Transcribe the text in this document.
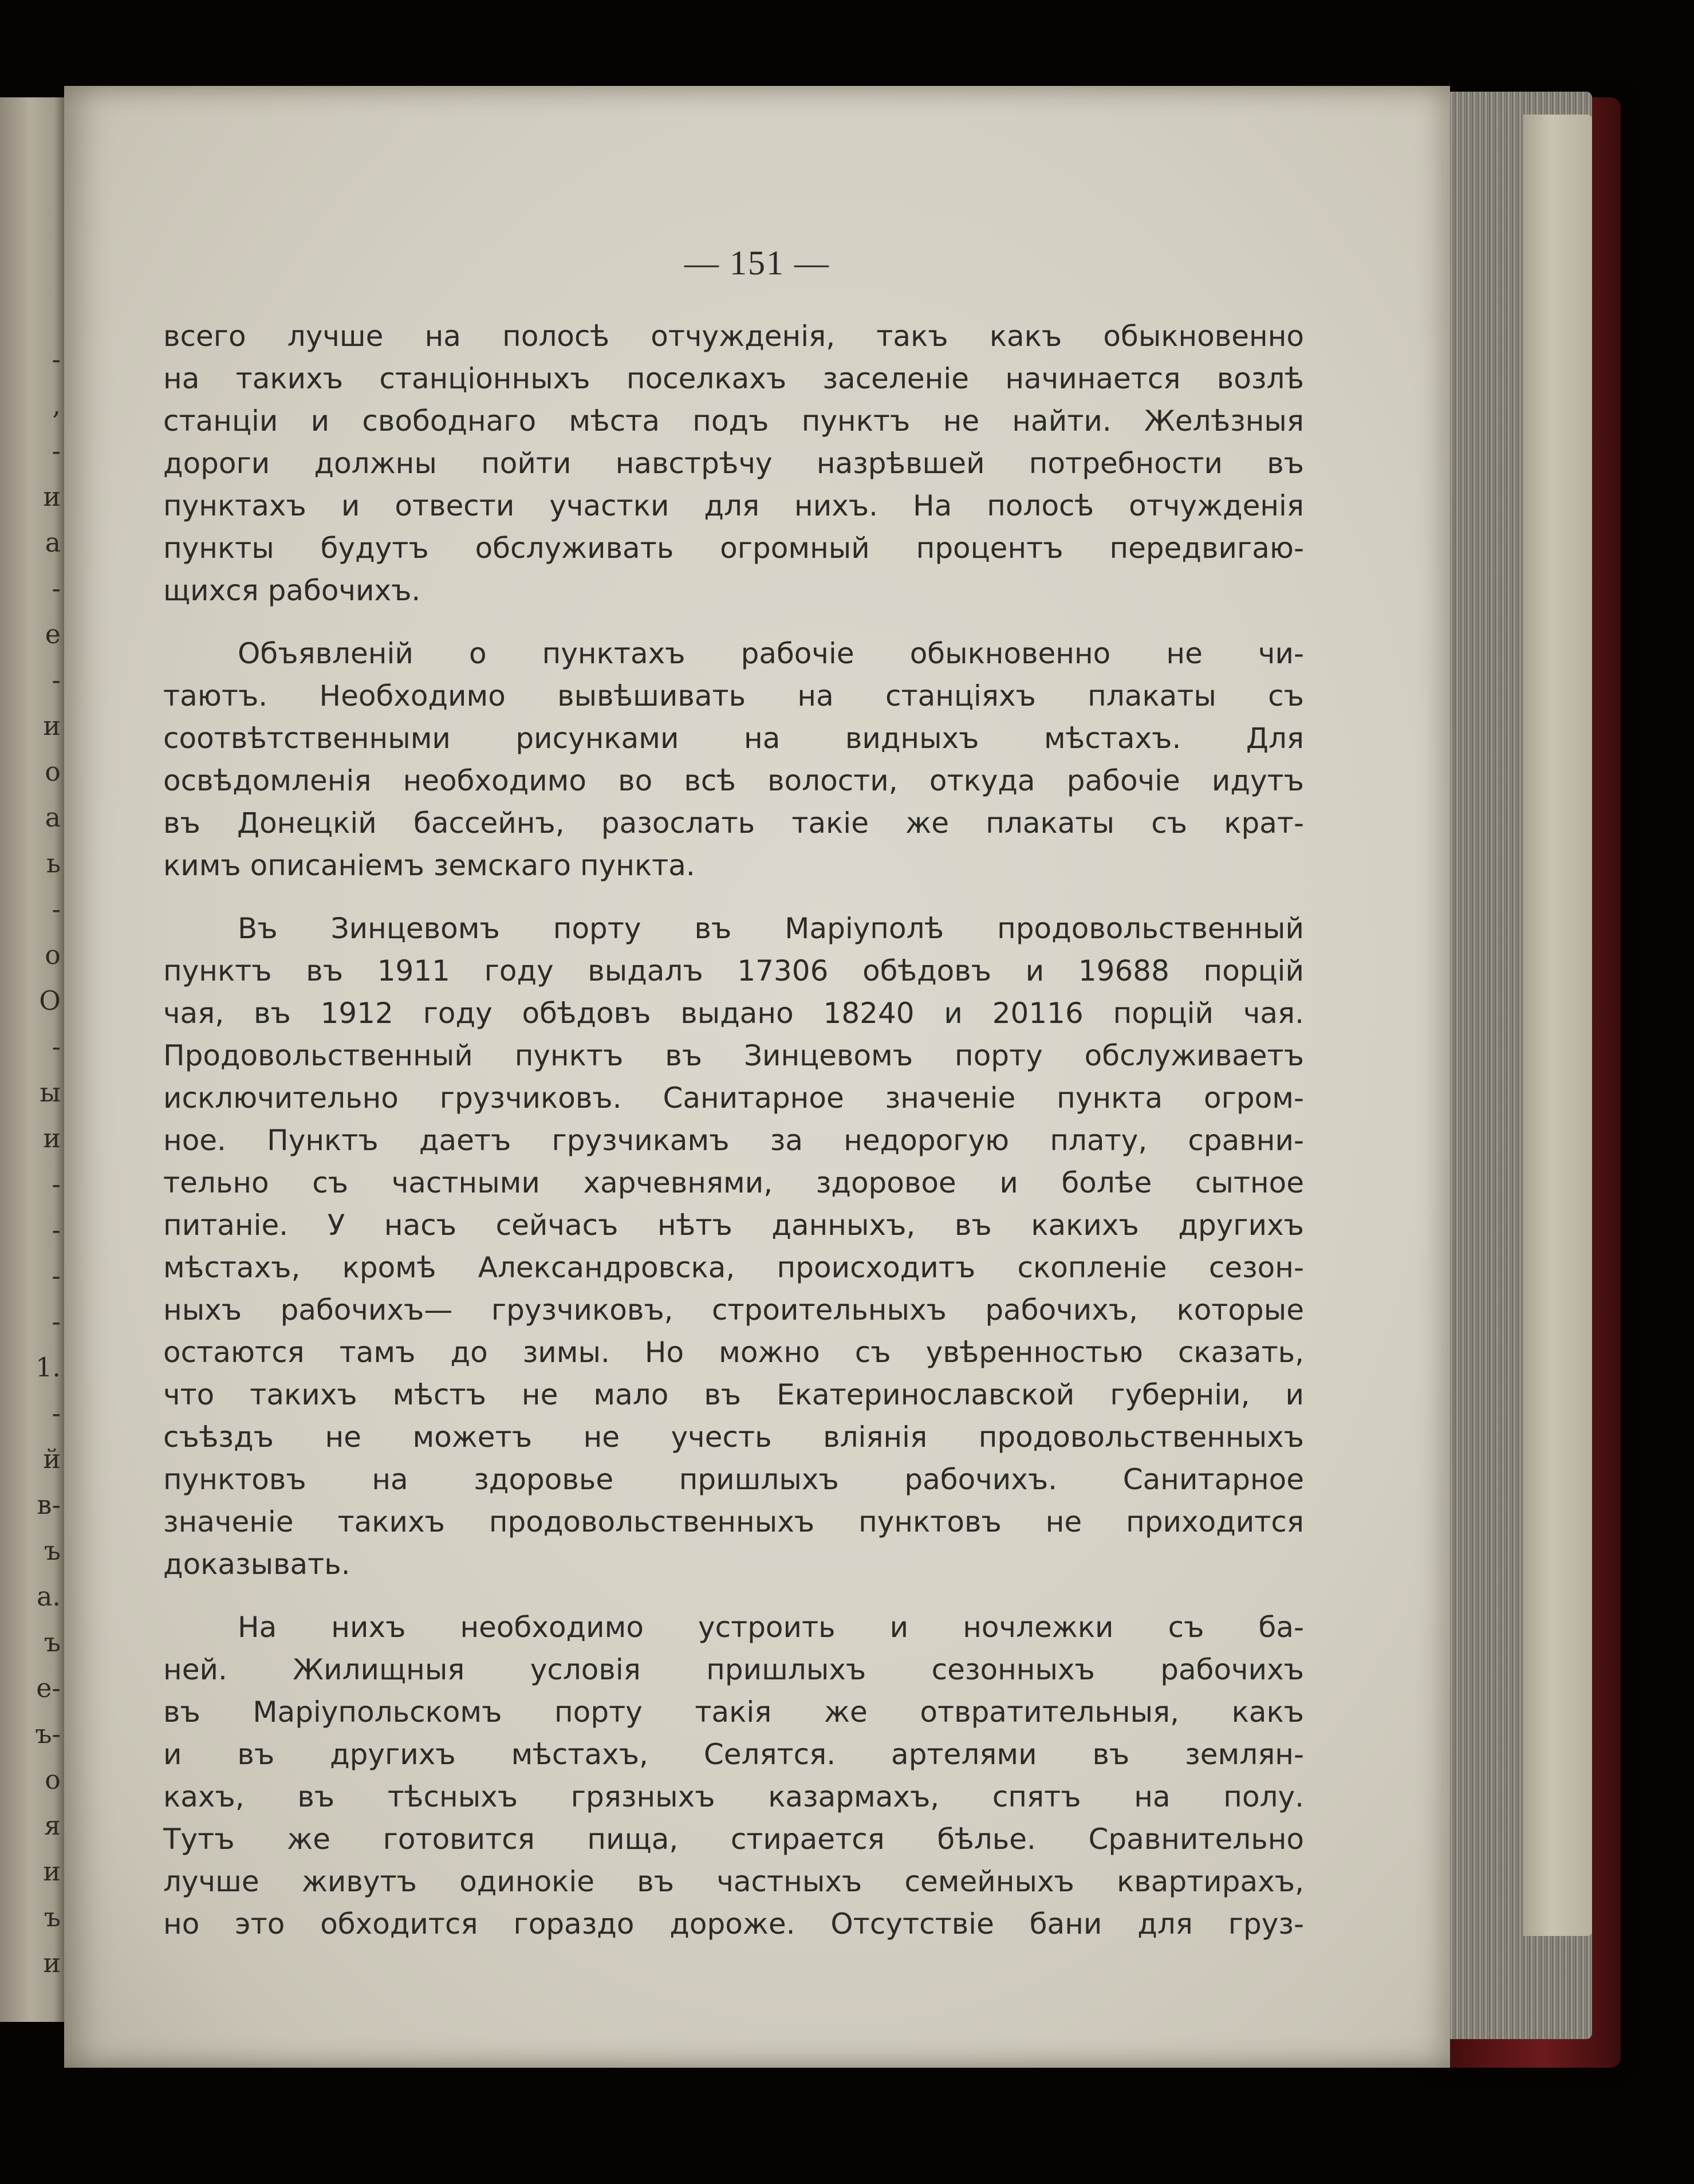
-
,
-
и
а
-
е
-
и
о
а
ь
-
о
О
-
ы
и
-
-
-
-
1.
-
й
в-
ъ
а.
ъ
е-
ъ-
о
я
и
ъ
и
— 151 —
всего лучше на полосѣ отчужденія, такъ какъ обыкновенно
на такихъ станціонныхъ поселкахъ заселеніе начинается возлѣ
станціи и свободнаго мѣста подъ пунктъ не найти. Желѣзныя
дороги должны пойти навстрѣчу назрѣвшей потребности въ
пунктахъ и отвести участки для нихъ. На полосѣ отчужденія
пункты будутъ обслуживать огромный процентъ передвигаю-
щихся рабочихъ.
Объявленій о пунктахъ рабочіе обыкновенно не чи-
таютъ. Необходимо вывѣшивать на станціяхъ плакаты съ
соотвѣтственными рисунками на видныхъ мѣстахъ. Для
освѣдомленія необходимо во всѣ волости, откуда рабочіе идутъ
въ Донецкій бассейнъ, разослать такіе же плакаты съ крат-
кимъ описаніемъ земскаго пункта.
Въ Зинцевомъ порту въ Маріуполѣ продовольственный
пунктъ въ 1911 году выдалъ 17306 обѣдовъ и 19688 порцій
чая, въ 1912 году обѣдовъ выдано 18240 и 20116 порцій чая.
Продовольственный пунктъ въ Зинцевомъ порту обслуживаетъ
исключительно грузчиковъ. Санитарное значеніе пункта огром-
ное. Пунктъ даетъ грузчикамъ за недорогую плату, сравни-
тельно съ частными харчевнями, здоровое и болѣе сытное
питаніе. У насъ сейчасъ нѣтъ данныхъ, въ какихъ другихъ
мѣстахъ, кромѣ Александровска, происходитъ скопленіе сезон-
ныхъ рабочихъ— грузчиковъ, строительныхъ рабочихъ, которые
остаются тамъ до зимы. Но можно съ увѣренностью сказать,
что такихъ мѣстъ не мало въ Екатеринославской губерніи, и
съѣздъ не можетъ не учесть вліянія продовольственныхъ
пунктовъ на здоровье пришлыхъ рабочихъ. Санитарное
значеніе такихъ продовольственныхъ пунктовъ не приходится
доказывать.
На нихъ необходимо устроить и ночлежки съ ба-
ней. Жилищныя условія пришлыхъ сезонныхъ рабочихъ
въ Маріупольскомъ порту такія же отвратительныя, какъ
и въ другихъ мѣстахъ, Селятся. артелями въ землян-
кахъ, въ тѣсныхъ грязныхъ казармахъ, спятъ на полу.
Тутъ же готовится пища, стирается бѣлье. Сравнительно
лучше живутъ одинокіе въ частныхъ семейныхъ квартирахъ,
но это обходится гораздо дороже. Отсутствіе бани для груз-
